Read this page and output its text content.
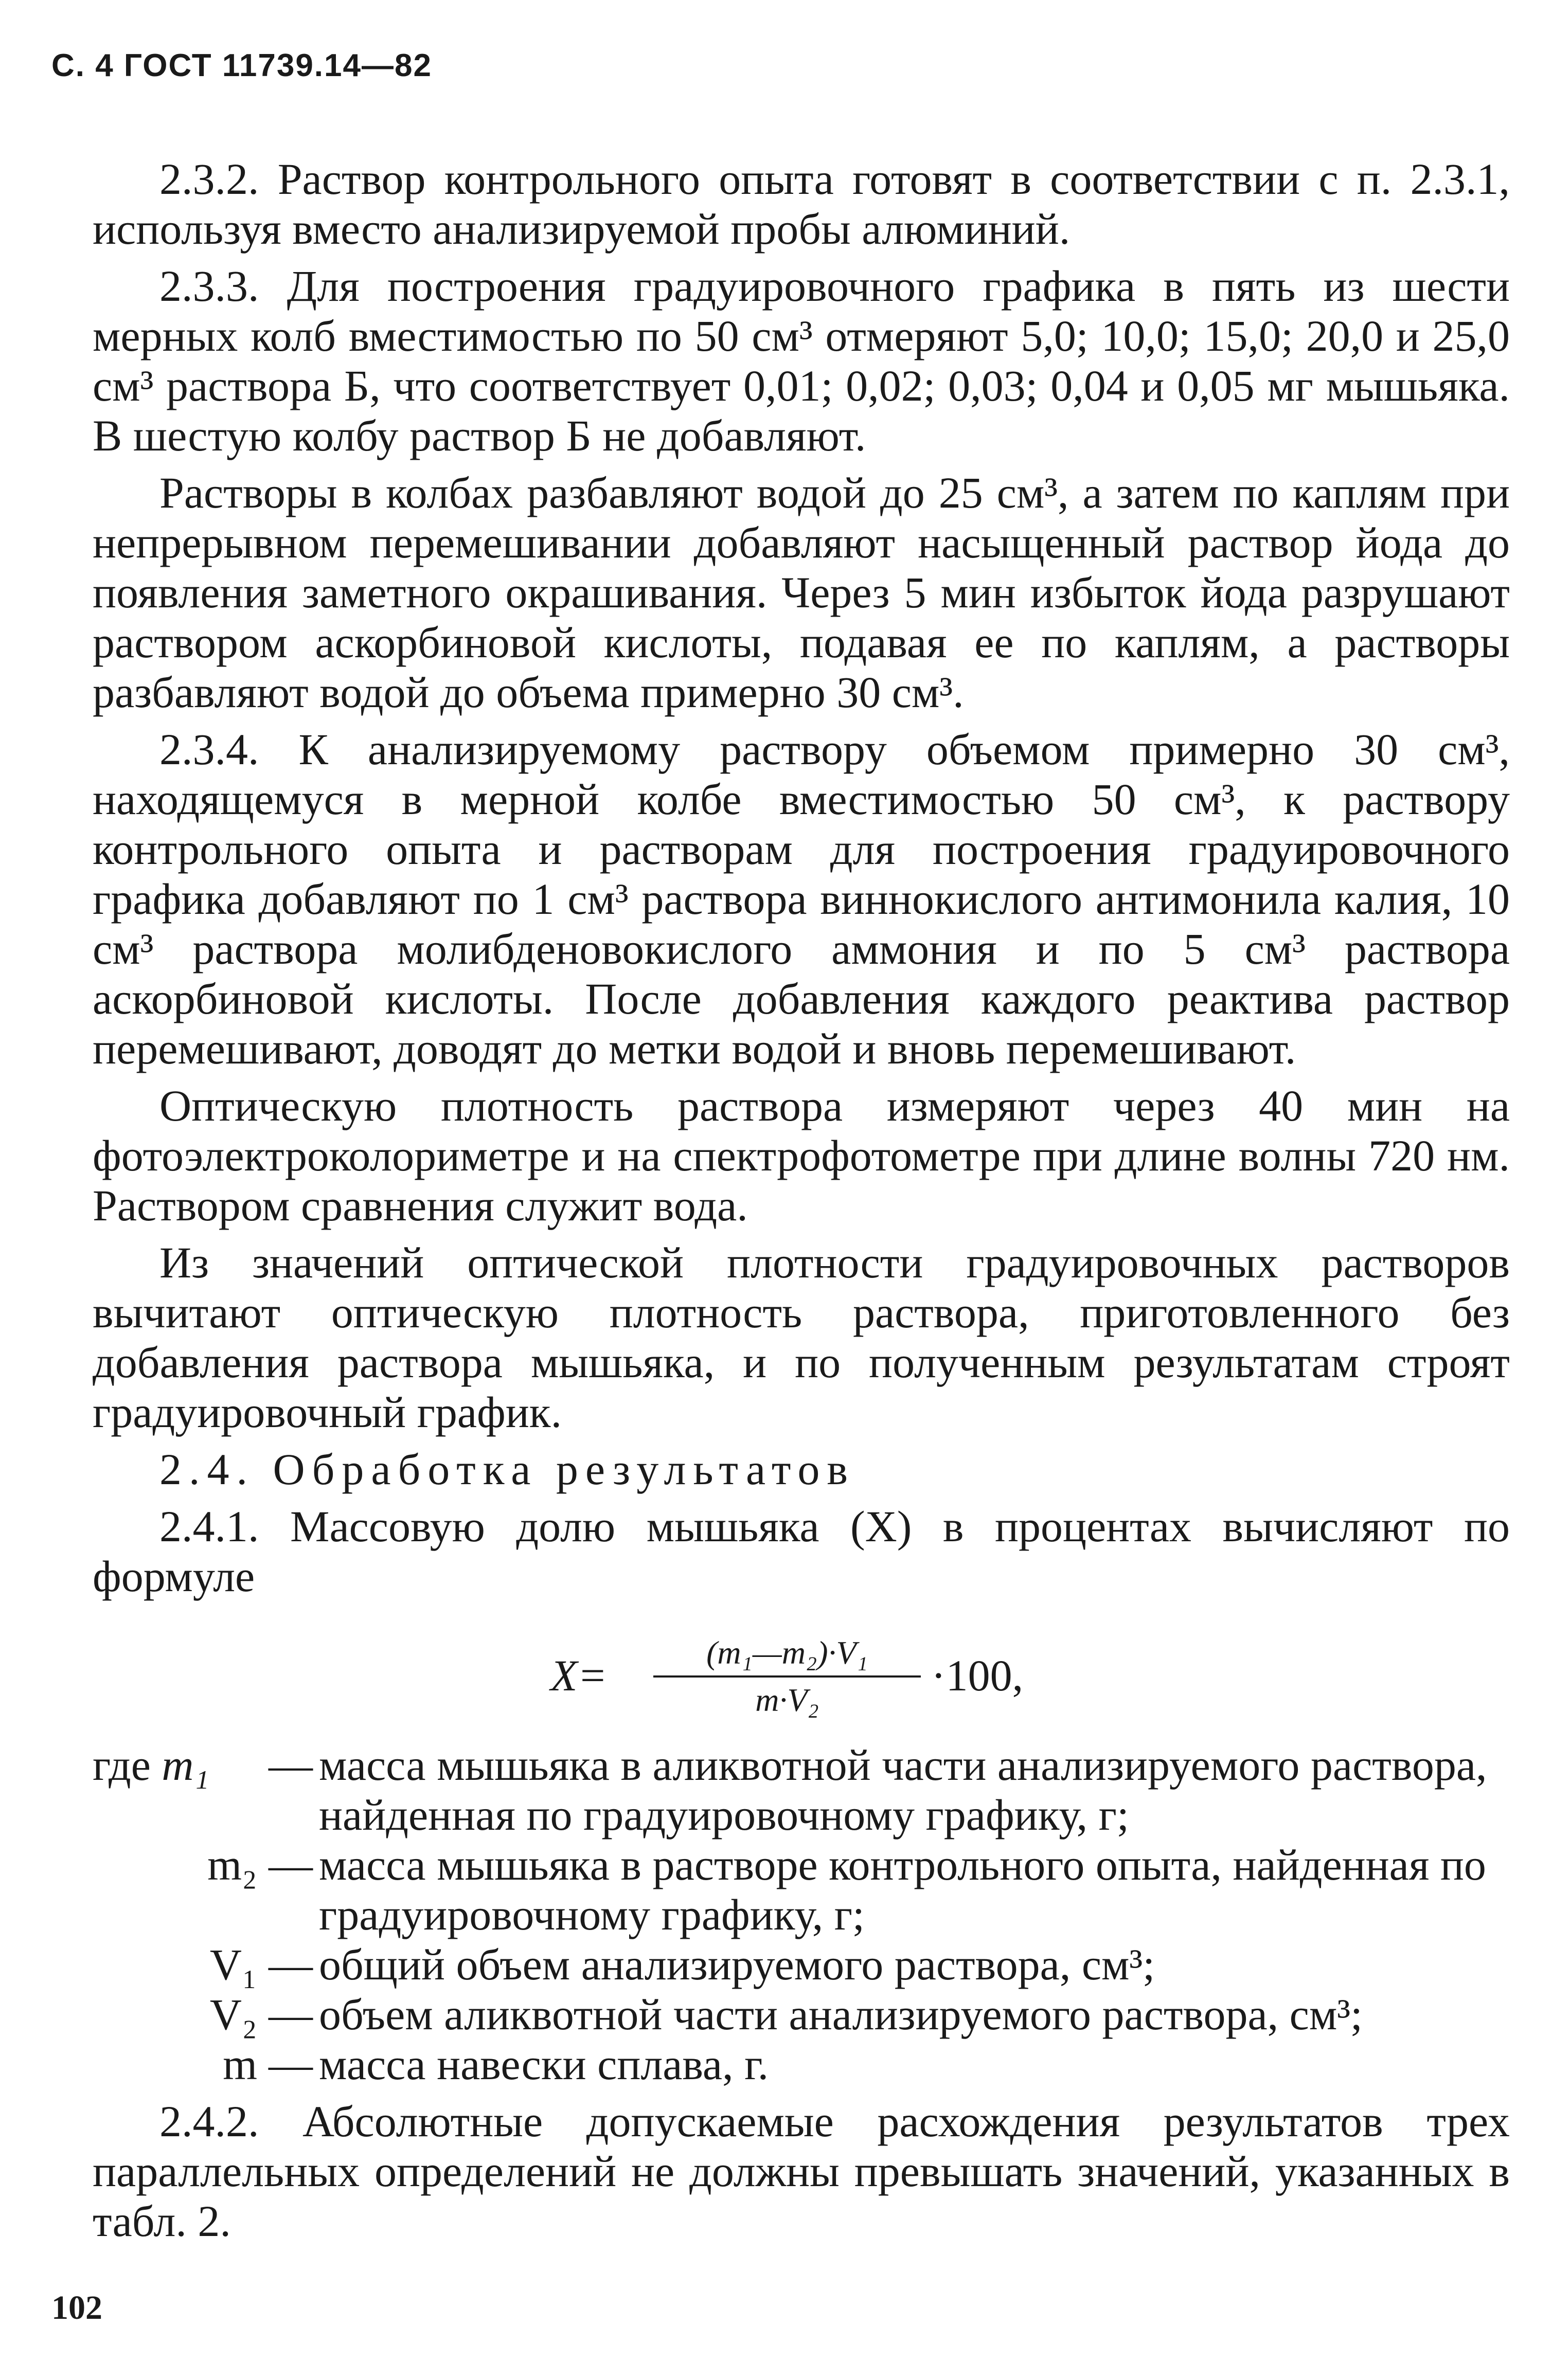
С. 4 ГОСТ 11739.14—82

2.3.2. Раствор контрольного опыта готовят в соответствии с п. 2.3.1, используя вместо анализируемой пробы алюминий.

2.3.3. Для построения градуировочного графика в пять из шести мерных колб вместимостью по 50 см³ отмеряют 5,0; 10,0; 15,0; 20,0 и 25,0 см³ раствора Б, что соответствует 0,01; 0,02; 0,03; 0,04 и 0,05 мг мышьяка. В шестую колбу раствор Б не добавляют.

Растворы в колбах разбавляют водой до 25 см³, а затем по каплям при непрерывном перемешивании добавляют насыщенный раствор йода до появления заметного окрашивания. Через 5 мин избыток йода разрушают раствором аскорбиновой кислоты, подавая ее по каплям, а растворы разбавляют водой до объема примерно 30 см³.

2.3.4. К анализируемому раствору объемом примерно 30 см³, находящемуся в мерной колбе вместимостью 50 см³, к раствору контрольного опыта и растворам для построения градуировочного графика добавляют по 1 см³ раствора виннокислого антимонила калия, 10 см³ раствора молибденовокислого аммония и по 5 см³ раствора аскорбиновой кислоты. После добавления каждого реактива раствор перемешивают, доводят до метки водой и вновь перемешивают.

Оптическую плотность раствора измеряют через 40 мин на фотоэлектроколориметре и на спектрофотометре при длине волны 720 нм. Раствором сравнения служит вода.

Из значений оптической плотности градуировочных растворов вычитают оптическую плотность раствора, приготовленного без добавления раствора мышьяка, и по полученным результатам строят градуировочный график.

2.4. Обработка результатов

2.4.1. Массовую долю мышьяка (X) в процентах вычисляют по формуле

X=	(m₁—m₂)·V₁
m·V₂	·100,
где m₁	— масса мышьяка в аликвотной части анализируемого раствора, найденная по градуировочному графику, г;
m₂ — масса мышьяка в растворе контрольного опыта, найденная по градуировочному графику, г;
V₁ — общий объем анализируемого раствора, см³;
V₂ — объем аликвотной части анализируемого раствора, см³;
m — масса навески сплава, г.

2.4.2. Абсолютные допускаемые расхождения результатов трех параллельных определений не должны превышать значений, указанных в табл. 2.

102
